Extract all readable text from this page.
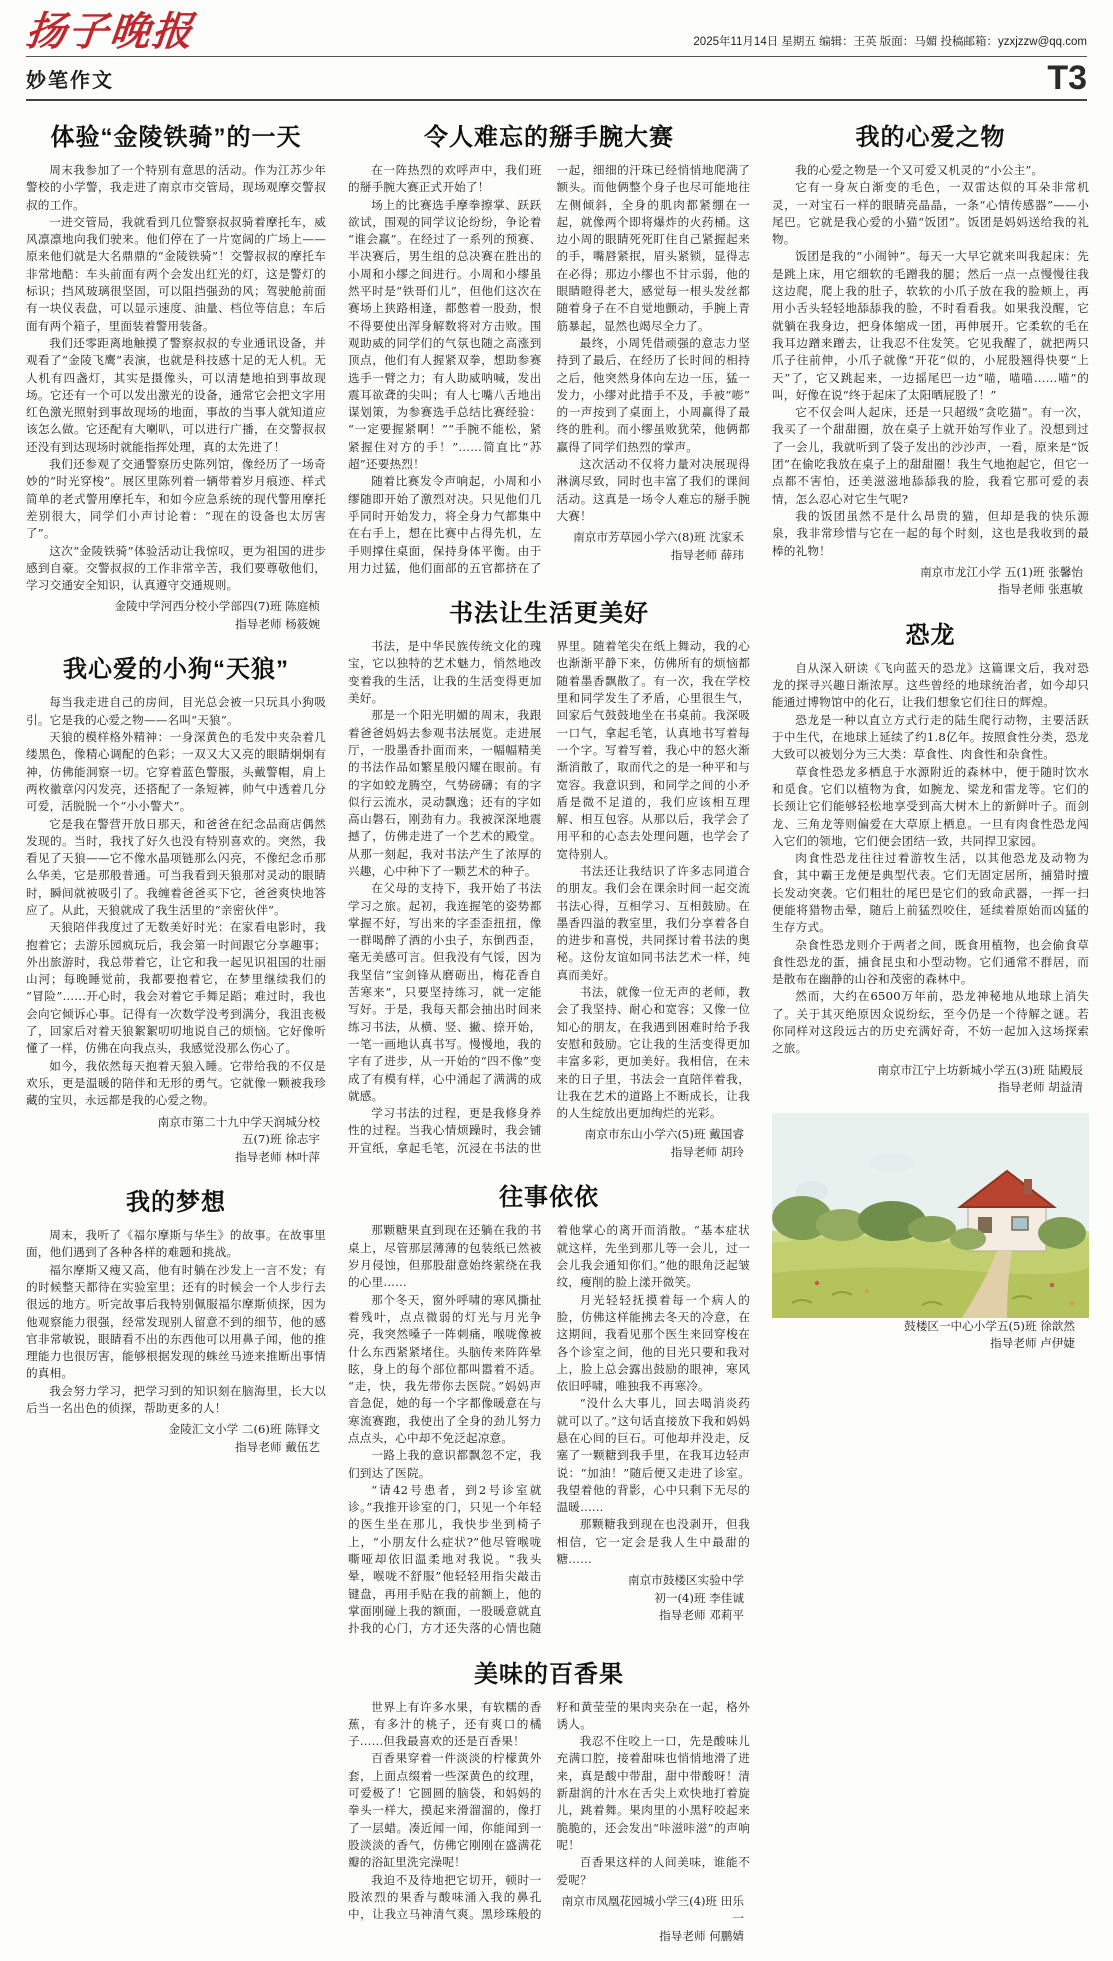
扬子晚报	2025年11月14日 星期五 编辑：王英 版面：马媚 投稿邮箱：yzxjzzw@qq.com
妙笔作文	T3
体验“金陵铁骑”的一天

周末我参加了一个特别有意思的活动。作为江苏少年警校的小学警，我走进了南京市交管局，现场观摩交警叔叔的工作。

一进交管局，我就看到几位警察叔叔骑着摩托车，威风凛凛地向我们驶来。他们停在了一片宽阔的广场上——原来他们就是大名鼎鼎的“金陵铁骑”！交警叔叔的摩托车非常地酷：车头前面有两个会发出红光的灯，这是警灯的标识；挡风玻璃很坚固，可以阻挡强劲的风；驾驶舱前面有一块仪表盘，可以显示速度、油量、档位等信息；车后面有两个箱子，里面装着警用装备。

我们还零距离地触摸了警察叔叔的专业通讯设备，并观看了“金陵飞鹰”表演，也就是科技感十足的无人机。无人机有四盏灯，其实是摄像头，可以清楚地拍到事故现场。它还有一个可以发出激光的设备，通常它会把文字用红色激光照射到事故现场的地面，事故的当事人就知道应该怎么做。它还配有大喇叭，可以进行广播，在交警叔叔还没有到达现场时就能指挥处理，真的太先进了！

我们还参观了交通警察历史陈列馆，像经历了一场奇妙的“时光穿梭”。展区里陈列着一辆带着岁月痕迹、样式简单的老式警用摩托车，和如今应急系统的现代警用摩托差别很大，同学们小声讨论着：“现在的设备也太厉害了”。

这次“金陵铁骑”体验活动让我惊叹，更为祖国的进步感到自豪。交警叔叔的工作非常辛苦，我们要尊敬他们，学习交通安全知识，认真遵守交通规则。

金陵中学河西分校小学部四(7)班 陈庭桢
指导老师 杨筱婉
我心爱的小狗“天狼”

每当我走进自己的房间，目光总会被一只玩具小狗吸引。它是我的心爱之物——名叫“天狼”。

天狼的模样格外精神：一身深黄色的毛发中夹杂着几缕黑色，像精心调配的色彩；一双又大又亮的眼睛炯炯有神，仿佛能洞察一切。它穿着蓝色警服，头戴警帽，肩上两枚徽章闪闪发亮，还搭配了一条短裤，帅气中透着几分可爱，活脱脱一个“小小警犬”。

它是我在警营开放日那天，和爸爸在纪念品商店偶然发现的。当时，我找了好久也没有特别喜欢的。突然，我看见了天狼——它不像水晶项链那么闪亮，不像纪念币那么华美，它是那般普通。可当我看到天狼那对灵动的眼睛时，瞬间就被吸引了。我缠着爸爸买下它，爸爸爽快地答应了。从此，天狼就成了我生活里的“亲密伙伴”。

天狼陪伴我度过了无数美好时光：在家看电影时，我抱着它；去游乐园疯玩后，我会第一时间跟它分享趣事；外出旅游时，我总带着它，让它和我一起见识祖国的壮丽山河；每晚睡觉前，我都要抱着它，在梦里继续我们的“冒险”……开心时，我会对着它手舞足蹈；难过时，我也会向它倾诉心事。记得有一次数学没考到满分，我沮丧极了，回家后对着天狼絮絮叨叨地说自己的烦恼。它好像听懂了一样，仿佛在向我点头，我感觉没那么伤心了。

如今，我依然每天抱着天狼入睡。它带给我的不仅是欢乐，更是温暖的陪伴和无形的勇气。它就像一颗被我珍藏的宝贝，永远都是我的心爱之物。

南京市第二十九中学天润城分校
五(7)班 徐志宇
指导老师 林叶萍
我的梦想

周末，我听了《福尔摩斯与华生》的故事。在故事里面，他们遇到了各种各样的难题和挑战。

福尔摩斯又瘦又高，他有时躺在沙发上一言不发；有的时候整天都待在实验室里；还有的时候会一个人步行去很远的地方。听完故事后我特别佩服福尔摩斯侦探，因为他观察能力很强，经常发现别人留意不到的细节，他的感官非常敏锐，眼睛看不出的东西他可以用鼻子闻，他的推理能力也很厉害，能够根据发现的蛛丝马迹来推断出事情的真相。

我会努力学习，把学习到的知识刻在脑海里，长大以后当一名出色的侦探，帮助更多的人！

金陵汇文小学 二(6)班 陈铎文
指导老师 戴伍艺
令人难忘的掰手腕大赛

在一阵热烈的欢呼声中，我们班的掰手腕大赛正式开始了！

场上的比赛选手摩拳擦掌、跃跃欲试，围观的同学议论纷纷，争论着“谁会赢”。在经过了一系列的预赛、半决赛后，男生组的总决赛在胜出的小周和小缪之间进行。小周和小缪虽然平时是“铁哥们儿”，但他们这次在赛场上狭路相逢，都憋着一股劲，恨不得要使出浑身解数将对方击败。围观助威的同学们的气氛也随之高涨到顶点，他们有人握紧双拳，想助参赛选手一臂之力；有人助威呐喊，发出震耳欲聋的尖叫；有人七嘴八舌地出谋划策，为参赛选手总结比赛经验：“一定要握紧啊！”“手腕不能松，紧紧握住对方的手！”……简直比“苏超”还要热烈！

随着比赛发令声响起，小周和小缪随即开始了激烈对决。只见他们几乎同时开始发力，将全身力气都集中在右手上，想在比赛中占得先机，左手则撑住桌面，保持身体平衡。由于用力过猛，他们面部的五官都挤在了一起，细细的汗珠已经悄悄地爬满了额头。而他俩整个身子也尽可能地往左侧倾斜，全身的肌肉都紧绷在一起，就像两个即将爆炸的火药桶。这边小周的眼睛死死盯住自己紧握起来的手，嘴唇紧抿，眉头紧锁，显得志在必得；那边小缪也不甘示弱，他的眼睛瞪得老大，感觉每一根头发丝都随着身子在不自觉地颤动，手腕上青筋暴起，显然也竭尽全力了。

最终，小周凭借顽强的意志力坚持到了最后，在经历了长时间的相持之后，他突然身体向左边一压，猛一发力，小缪对此措手不及，手被“嘭”的一声按到了桌面上，小周赢得了最终的胜利。而小缪虽败犹荣，他俩都赢得了同学们热烈的掌声。

这次活动不仅将力量对决展现得淋漓尽致，同时也丰富了我们的课间活动。这真是一场令人难忘的掰手腕大赛！

南京市芳草园小学六(8)班 沈家禾
指导老师 薛玮
书法让生活更美好

书法，是中华民族传统文化的瑰宝，它以独特的艺术魅力，悄然地改变着我的生活，让我的生活变得更加美好。

那是一个阳光明媚的周末，我跟着爸爸妈妈去参观书法展览。走进展厅，一股墨香扑面而来，一幅幅精美的书法作品如繁星般闪耀在眼前。有的字如蛟龙腾空，气势磅礴；有的字似行云流水，灵动飘逸；还有的字如高山磐石，刚劲有力。我被深深地震撼了，仿佛走进了一个艺术的殿堂。从那一刻起，我对书法产生了浓厚的兴趣，心中种下了一颗艺术的种子。

在父母的支持下，我开始了书法学习之旅。起初，我连握笔的姿势都掌握不好，写出来的字歪歪扭扭，像一群喝醉了酒的小虫子，东倒西歪，毫无美感可言。但我没有气馁，因为我坚信“宝剑锋从磨砺出，梅花香自苦寒来”，只要坚持练习，就一定能写好。于是，我每天都会抽出时间来练习书法，从横、竖、撇、捺开始，一笔一画地认真书写。慢慢地，我的字有了进步，从一开始的“四不像”变成了有模有样，心中涌起了满满的成就感。

学习书法的过程，更是我修身养性的过程。当我心情烦躁时，我会铺开宣纸，拿起毛笔，沉浸在书法的世界里。随着笔尖在纸上舞动，我的心也渐渐平静下来，仿佛所有的烦恼都随着墨香飘散了。有一次，我在学校里和同学发生了矛盾，心里很生气，回家后气鼓鼓地坐在书桌前。我深吸一口气，拿起毛笔，认真地书写着每一个字。写着写着，我心中的怒火渐渐消散了，取而代之的是一种平和与宽容。我意识到，和同学之间的小矛盾是微不足道的，我们应该相互理解、相互包容。从那以后，我学会了用平和的心态去处理问题，也学会了宽待别人。

书法还让我结识了许多志同道合的朋友。我们会在课余时间一起交流书法心得，互相学习、互相鼓励。在墨香四溢的教室里，我们分享着各自的进步和喜悦，共同探讨着书法的奥秘。这份友谊如同书法艺术一样，纯真而美好。

书法，就像一位无声的老师，教会了我坚持、耐心和宽容；又像一位知心的朋友，在我遇到困难时给予我安慰和鼓励。它让我的生活变得更加丰富多彩，更加美好。我相信，在未来的日子里，书法会一直陪伴着我，让我在艺术的道路上不断成长，让我的人生绽放出更加绚烂的光彩。

南京市东山小学六(5)班 戴国睿
指导老师 胡玲
往事依依

那颗糖果直到现在还躺在我的书桌上，尽管那层薄薄的包装纸已然被岁月侵蚀，但那股甜意始终萦绕在我的心里……

那个冬天，窗外呼啸的寒风撕扯着残叶，点点微弱的灯光与月光争亮，我突然嗓子一阵刺痛，喉咙像被什么东西紧紧堵住。头脑传来阵阵晕眩，身上的每个部位都叫嚣着不适。“走，快，我先带你去医院。”妈妈声音急促，她的每一个字都像暖意在与寒流赛跑，我使出了全身的劲儿努力点点头，心中却不免泛起凉意。

一路上我的意识都飘忽不定，我们到达了医院。

“请42号患者，到2号诊室就诊。”我推开诊室的门，只见一个年轻的医生坐在那儿，我快步坐到椅子上，“小朋友什么症状?”他尽管喉咙嘶哑却依旧温柔地对我说。“我头晕，喉咙不舒服”他轻轻用指尖敲击键盘，再用手贴在我的前额上，他的掌面刚碰上我的额面，一股暖意就直扑我的心门，方才还失落的心情也随着他掌心的离开而消散。“基本症状就这样，先坐到那儿等一会儿，过一会儿我会通知你们。”他的眼角泛起皱纹，瘦削的脸上漾开微笑。

月光轻轻抚摸着每一个病人的脸，仿佛这样能拂去冬天的冷意，在这期间，我看见那个医生来回穿梭在各个诊室之间，他的目光只要和我对上，脸上总会露出鼓励的眼神，寒风依旧呼啸，唯独我不再寒冷。

“没什么大事儿，回去喝消炎药就可以了。”这句话直接放下我和妈妈悬在心间的巨石。可他却并没走，反塞了一颗糖到我手里，在我耳边轻声说：“加油！”随后便又走进了诊室。我望着他的背影，心中只剩下无尽的温暖……

那颗糖我到现在也没剥开，但我相信，它一定会是我人生中最甜的糖……

南京市鼓楼区实验中学
初一(4)班 李佳诚
指导老师 邓莉平
美味的百香果

世界上有许多水果，有软糯的香蕉，有多汁的桃子，还有爽口的橘子……但我最喜欢的还是百香果！

百香果穿着一件淡淡的柠檬黄外套，上面点缀着一些深黄色的纹理，可爱极了！它圆圆的脑袋，和妈妈的拳头一样大，摸起来滑溜溜的，像打了一层蜡。凑近闻一闻，你能闻到一股淡淡的香气，仿佛它刚刚在盛满花瓣的浴缸里洗完澡呢！

我迫不及待地把它切开，顿时一股浓烈的果香与酸味涌入我的鼻孔中，让我立马神清气爽。黑珍珠般的籽和黄莹莹的果肉夹杂在一起，格外诱人。

我忍不住咬上一口，先是酸味儿充满口腔，接着甜味也悄悄地滑了进来，真是酸中带甜，甜中带酸呀！清新甜润的汁水在舌尖上欢快地打着旋儿，跳着舞。果肉里的小黑籽咬起来脆脆的，还会发出“咔滋咔滋”的声响呢！

百香果这样的人间美味，谁能不爱呢？

南京市凤凰花园城小学三(4)班 田乐一
指导老师 何鹏婧
我的心爱之物

我的心爱之物是一个又可爱又机灵的“小公主”。

它有一身灰白渐变的毛色，一双雷达似的耳朵非常机灵，一对宝石一样的眼睛亮晶晶，一条“心情传感器”——小尾巴。它就是我心爱的小猫“饭团”。饭团是妈妈送给我的礼物。

饭团是我的“小闹钟”。每天一大早它就来叫我起床：先是跳上床，用它细软的毛蹭我的腿；然后一点一点慢慢往我这边爬，爬上我的肚子，软软的小爪子放在我的脸颊上，再用小舌头轻轻地舔舔我的脸，不时看看我。如果我没醒，它就躺在我身边，把身体缩成一团，再伸展开。它柔软的毛在我耳边蹭来蹭去，让我忍不住发笑。它见我醒了，就把两只爪子往前伸，小爪子就像“开花”似的，小屁股翘得快要“上天”了，它又跳起来，一边摇尾巴一边“喵，喵喵……喵”的叫，好像在说“终于起床了太阳晒屁股了！”

它不仅会叫人起床，还是一只超级“贪吃猫”。有一次，我买了一个甜甜圈，放在桌子上就开始写作业了。没想到过了一会儿，我就听到了袋子发出的沙沙声，一看，原来是“饭团”在偷吃我放在桌子上的甜甜圈！我生气地抱起它，但它一点都不害怕，还美滋滋地舔舔我的脸，我看它那可爱的表情，怎么忍心对它生气呢?

我的饭团虽然不是什么昂贵的猫，但却是我的快乐源泉，我非常珍惜与它在一起的每个时刻，这也是我收到的最棒的礼物！

南京市龙江小学 五(1)班 张馨怡
指导老师 张惠敏
恐龙

自从深入研读《飞向蓝天的恐龙》这篇课文后，我对恐龙的探寻兴趣日渐浓厚。这些曾经的地球统治者，如今却只能通过博物馆中的化石，让我们想象它们往日的辉煌。

恐龙是一种以直立方式行走的陆生爬行动物，主要活跃于中生代，在地球上延续了约1.8亿年。按照食性分类，恐龙大致可以被划分为三大类：草食性、肉食性和杂食性。

草食性恐龙多栖息于水源附近的森林中，便于随时饮水和觅食。它们以植物为食，如腕龙、梁龙和雷龙等。它们的长颈让它们能够轻松地享受到高大树木上的新鲜叶子。而剑龙、三角龙等则偏爱在大草原上栖息。一旦有肉食性恐龙闯入它们的领地，它们便会团结一致，共同捍卫家园。

肉食性恐龙往往过着游牧生活，以其他恐龙及动物为食，其中霸王龙便是典型代表。它们无固定居所，捕猎时擅长发动突袭。它们粗壮的尾巴是它们的致命武器，一挥一扫便能将猎物击晕，随后上前猛烈咬住，延续着原始而凶猛的生存方式。

杂食性恐龙则介于两者之间，既食用植物，也会偷食草食性恐龙的蛋，捕食昆虫和小型动物。它们通常不群居，而是散布在幽静的山谷和茂密的森林中。

然而，大约在6500万年前，恐龙神秘地从地球上消失了。关于其灭绝原因众说纷纭，至今仍是一个待解之谜。若你同样对这段远古的历史充满好奇，不妨一起加入这场探索之旅。

南京市江宁上坊新城小学五(3)班 陆殿辰
指导老师 胡益清
鼓楼区一中心小学五(5)班 徐歆然
指导老师 卢伊婕
